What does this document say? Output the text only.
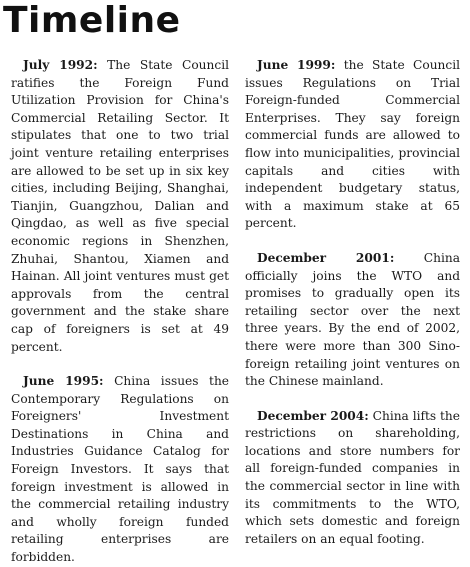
Timeline

July 1992: The State Council ratifies the Foreign Fund Utilization Provision for China's Commercial Retailing Sector. It stipulates that one to two trial joint venture retailing enterprises are allowed to be set up in six key cities, including Beijing, Shanghai, Tianjin, Guangzhou, Dalian and Qingdao, as well as five special economic regions in Shenzhen, Zhuhai, Shantou, Xiamen and Hainan. All joint ventures must get approvals from the central government and the stake share cap of foreigners is set at 49 percent.

June 1995: China issues the Contemporary Regulations on Foreigners' Investment Destinations in China and Industries Guidance Catalog for Foreign Investors. It says that foreign investment is allowed in the commercial retailing industry and wholly foreign funded retailing enterprises are forbidden.

June 1999: the State Council issues Regulations on Trial Foreign-funded Commercial Enterprises. They say foreign commercial funds are allowed to flow into municipalities, provincial capitals and cities with independent budgetary status, with a maximum stake at 65 percent.

December 2001: China officially joins the WTO and promises to gradually open its retailing sector over the next three years. By the end of 2002, there were more than 300 Sino-foreign retailing joint ventures on the Chinese mainland.

December 2004: China lifts the restrictions on shareholding, locations and store numbers for all foreign-funded companies in the commercial sector in line with its commitments to the WTO, which sets domestic and foreign retailers on an equal footing.
